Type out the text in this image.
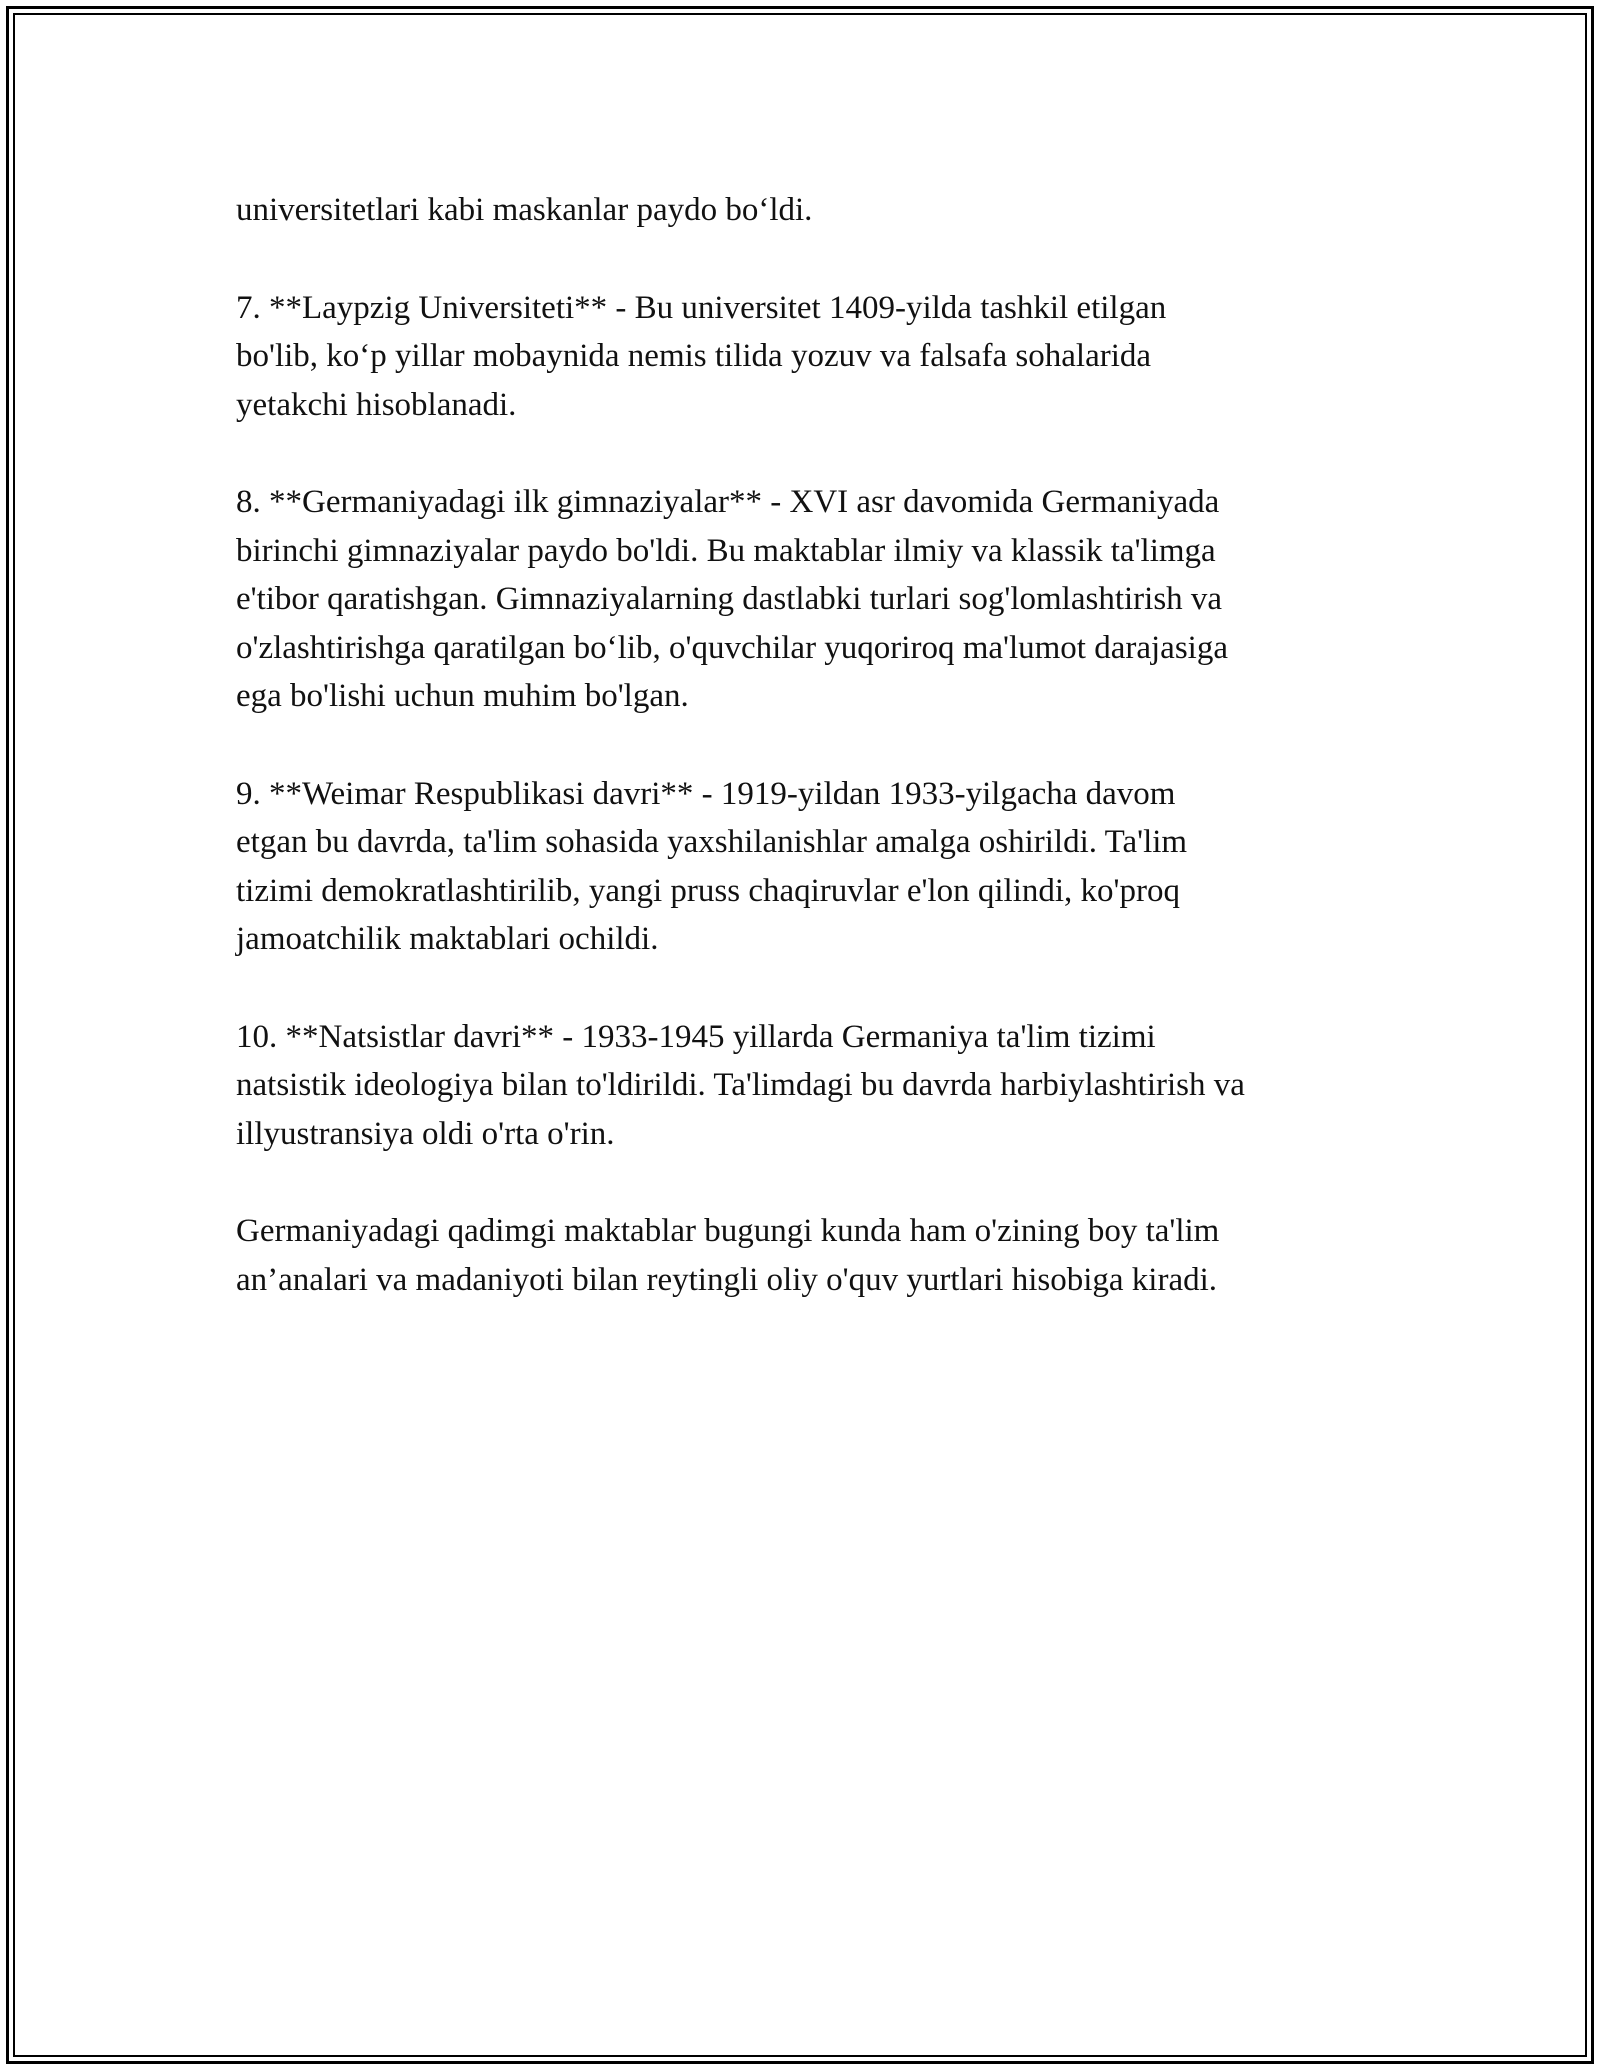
universitetlari kabi maskanlar paydo bo‘ldi.

7. **Laypzig Universiteti** - Bu universitet 1409-yilda tashkil etilgan
bo'lib, ko‘p yillar mobaynida nemis tilida yozuv va falsafa sohalarida
yetakchi hisoblanadi.

8. **Germaniyadagi ilk gimnaziyalar** - XVI asr davomida Germaniyada
birinchi gimnaziyalar paydo bo'ldi. Bu maktablar ilmiy va klassik ta'limga
e'tibor qaratishgan. Gimnaziyalarning dastlabki turlari sog'lomlashtirish va
o'zlashtirishga qaratilgan bo‘lib, o'quvchilar yuqoriroq ma'lumot darajasiga
ega bo'lishi uchun muhim bo'lgan.

9. **Weimar Respublikasi davri** - 1919-yildan 1933-yilgacha davom
etgan bu davrda, ta'lim sohasida yaxshilanishlar amalga oshirildi. Ta'lim
tizimi demokratlashtirilib, yangi pruss chaqiruvlar e'lon qilindi, ko'proq
jamoatchilik maktablari ochildi.

10. **Natsistlar davri** - 1933-1945 yillarda Germaniya ta'lim tizimi
natsistik ideologiya bilan to'ldirildi. Ta'limdagi bu davrda harbiylashtirish va
illyustransiya oldi o'rta o'rin.

Germaniyadagi qadimgi maktablar bugungi kunda ham o'zining boy ta'lim
an’analari va madaniyoti bilan reytingli oliy o'quv yurtlari hisobiga kiradi.
